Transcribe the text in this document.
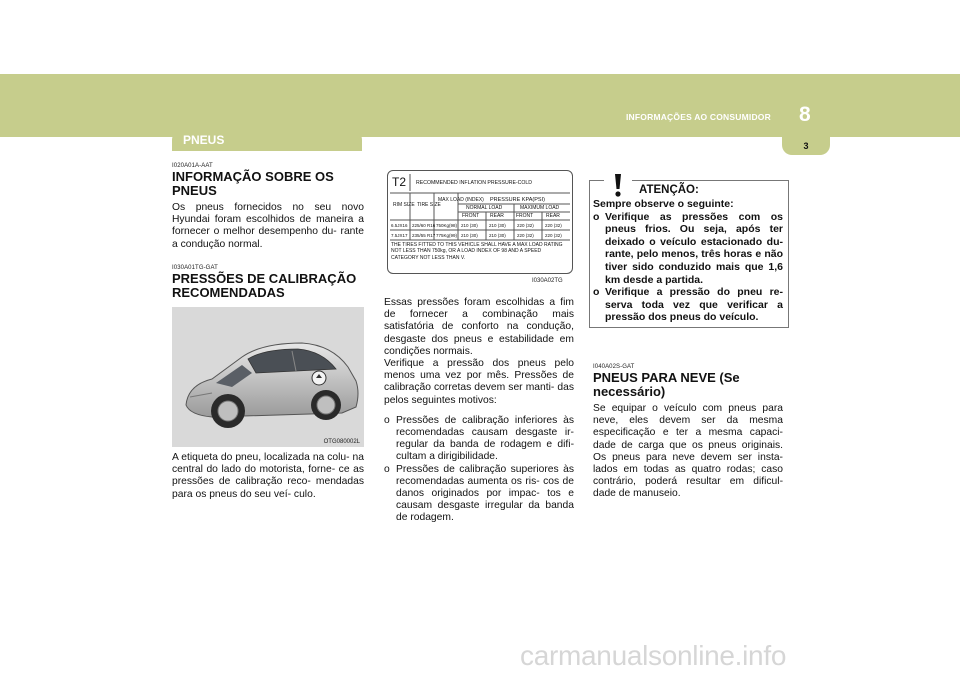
INFORMAÇÕES AO CONSUMIDOR 8
3
PNEUS

I020A01A-AAT

INFORMAÇÃO SOBRE OS PNEUS

Os pneus fornecidos no seu novo Hyundai foram escolhidos de maneira a fornecer o melhor desempenho du- rante a condução normal.

I030A01TG-GAT

PRESSÕES DE CALIBRAÇÃO RECOMENDADAS
OTG080002L

A etiqueta do pneu, localizada na colu- na central do lado do motorista, forne- ce as pressões de calibração reco- mendadas para os pneus do seu veí- culo.

T2 RECOMMENDED INFLATION PRESSURE-COLD
RIM SIZE TIRE SIZE
MAX LOAD (INDEX) PRESSURE KPA(PSI)
NORMAL LOAD	MAXIMUM LOAD
FRONT REAR FRONT	REAR
6.5JX16 225/60 R16 750Kg(98) 210 (30) 210 (30) 220 (32) 220 (32)
7.5JX17 235/55 R17 775Kg(99) 210 (30) 210 (30) 220 (32) 220 (32)
THE TIRES FITTED TO THIS VEHICLE SHALL HAVE A MAX LOAD RATING NOT LESS THAN 750kg, OR A LOAD INDEX OF 98 AND A SPEED CATEGORY NOT LESS THAN V.
I030A02TG

Essas pressões foram escolhidas a fim de fornecer a combinação mais satisfatória de conforto na condução, desgaste dos pneus e estabilidade em condições normais.

Verifique a pressão dos pneus pelo menos uma vez por mês. Pressões de calibração corretas devem ser manti- das pelos seguintes motivos:

o Pressões de calibração inferiores às recomendadas causam desgaste ir- regular da banda de rodagem e difi- cultam a dirigibilidade.
o Pressões de calibração superiores às recomendadas aumenta os ris- cos de danos originados por impac- tos e causam desgaste irregular da banda de rodagem.
ATENÇÃO:
Sempre observe o seguinte:
o Verifique as pressões com os pneus frios. Ou seja, após ter deixado o veículo estacionado du- rante, pelo menos, três horas e não tiver sido conduzido mais que 1,6 km desde a partida.
o Verifique a pressão do pneu re- serva toda vez que verificar a pressão dos pneus do veículo.

I040A02S-GAT

PNEUS PARA NEVE (Se necessário)

Se equipar o veículo com pneus para neve, eles devem ser da mesma especificação e ter a mesma capaci- dade de carga que os pneus originais. Os pneus para neve devem ser insta- lados em todas as quatro rodas; caso contrário, poderá resultar em dificul- dade de manuseio.

carmanualsonline.info
